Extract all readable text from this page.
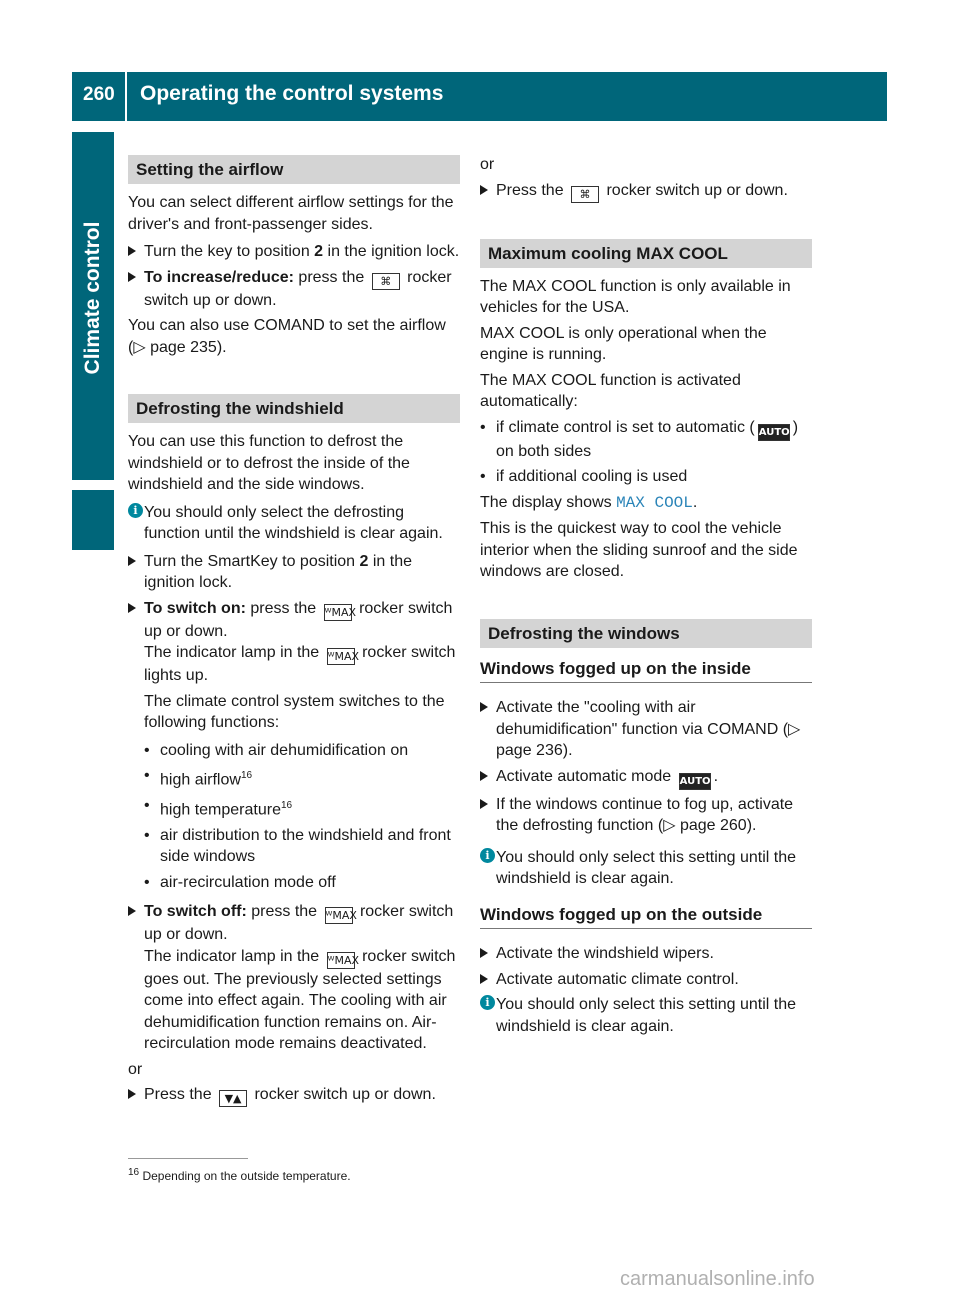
260 Operating the control systems
Climate control
Setting the airflow

You can select different airflow settings for the driver's and front-passenger sides.

Turn the key to position 2 in the ignition lock.
To increase/reduce: press the ⌘ rocker switch up or down.

You can also use COMAND to set the airflow (▷ page 235).

Defrosting the windshield

You can use this function to defrost the windshield or to defrost the inside of the windshield and the side windows.

i You should only select the defrosting function until the windshield is clear again.
Turn the SmartKey to position 2 in the ignition lock.
To switch on: press the ᵂMAX rocker switch up or down.
The indicator lamp in the ᵂMAX rocker switch lights up.

The climate control system switches to the following functions:

• cooling with air dehumidification on
• high airflow$^{16}$
• high temperature$^{16}$
• air distribution to the windshield and front side windows
• air-recirculation mode off
To switch off: press the ᵂMAX rocker switch up or down.
The indicator lamp in the ᵂMAX rocker switch goes out. The previously selected settings come into effect again. The cooling with air dehumidification function remains on. Air-recirculation mode remains deactivated.

or

Press the ▼▲ rocker switch up or down.

or

Press the ⌘ rocker switch up or down.
Maximum cooling MAX COOL

The MAX COOL function is only available in vehicles for the USA.

MAX COOL is only operational when the engine is running.

The MAX COOL function is activated automatically:

• if climate control is set to automatic ( AUTO ) on both sides
• if additional cooling is used

The display shows MAX COOL.

This is the quickest way to cool the vehicle interior when the sliding sunroof and the side windows are closed.

Defrosting the windows
Windows fogged up on the inside
Activate the "cooling with air dehumidification" function via COMAND (▷ page 236).
Activate automatic mode AUTO .
If the windows continue to fog up, activate the defrosting function (▷ page 260).
i You should only select this setting until the windshield is clear again.
Windows fogged up on the outside
Activate the windshield wipers.
Activate automatic climate control.
i You should only select this setting until the windshield is clear again.
$^{16}$ Depending on the outside temperature.
carmanualsonline.info
